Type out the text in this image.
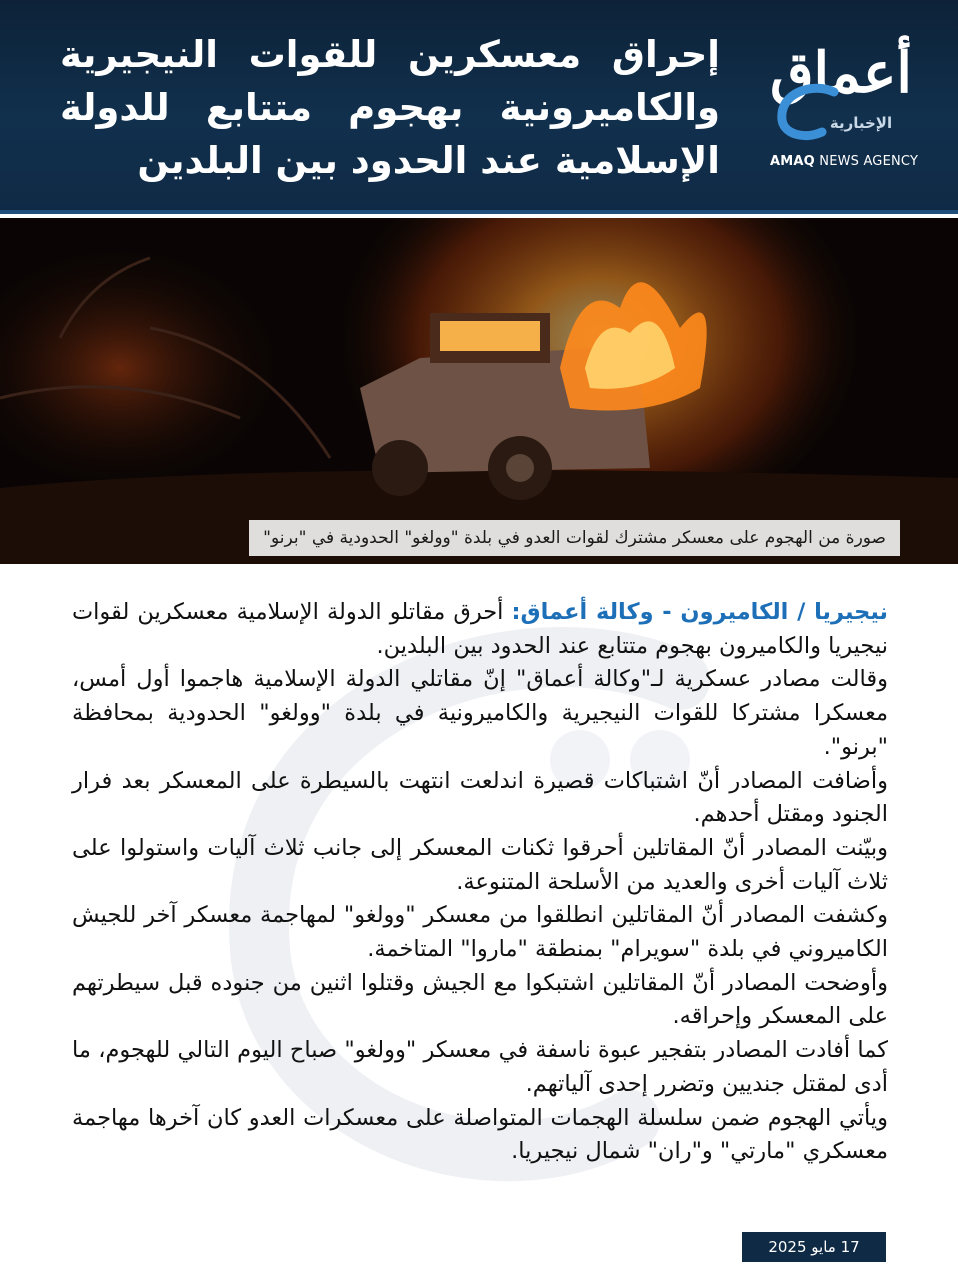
إحراق معسكرين للقوات النيجيرية
والكاميرونية بهجوم متتابع للدولة
الإسلامية عند الحدود بين البلدين
أعماق
الإخبارية
AMAQ NEWS AGENCY
صورة من الهجوم على معسكر مشترك لقوات العدو في بلدة "وولغو" الحدودية في "برنو"

نيجيريا / الكاميرون - وكالة أعماق: أحرق مقاتلو الدولة الإسلامية معسكرين لقوات نيجيريا والكاميرون بهجوم متتابع عند الحدود بين البلدين.

وقالت مصادر عسكرية لـ"وكالة أعماق" إنّ مقاتلي الدولة الإسلامية هاجموا أول أمس، معسكرا مشتركا للقوات النيجيرية والكاميرونية في بلدة "وولغو" الحدودية بمحافظة "برنو".

وأضافت المصادر أنّ اشتباكات قصيرة اندلعت انتهت بالسيطرة على المعسكر بعد فرار الجنود ومقتل أحدهم.

وبيّنت المصادر أنّ المقاتلين أحرقوا ثكنات المعسكر إلى جانب ثلاث آليات واستولوا على ثلاث آليات أخرى والعديد من الأسلحة المتنوعة.

وكشفت المصادر أنّ المقاتلين انطلقوا من معسكر "وولغو" لمهاجمة معسكر آخر للجيش الكاميروني في بلدة "سويرام" بمنطقة "ماروا" المتاخمة.

وأوضحت المصادر أنّ المقاتلين اشتبكوا مع الجيش وقتلوا اثنين من جنوده قبل سيطرتهم على المعسكر وإحراقه.

كما أفادت المصادر بتفجير عبوة ناسفة في معسكر "وولغو" صباح اليوم التالي للهجوم، ما أدى لمقتل جنديين وتضرر إحدى آلياتهم.

ويأتي الهجوم ضمن سلسلة الهجمات المتواصلة على معسكرات العدو كان آخرها مهاجمة معسكري "مارتي" و"ران" شمال نيجيريا.

17 مايو 2025
